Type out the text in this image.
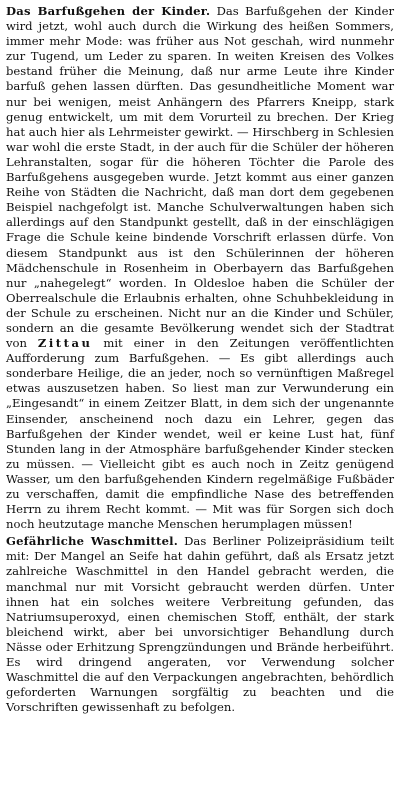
Das Barfußgehen der Kinder. Das Barfußgehen der Kinder wird jetzt, wohl auch durch die Wirkung des heißen Sommers, immer mehr Mode: was früher aus Not geschah, wird nunmehr zur Tugend, um Leder zu sparen. In weiten Kreisen des Volkes bestand früher die Meinung, daß nur arme Leute ihre Kinder barfuß gehen lassen dürften. Das gesundheitliche Moment war nur bei wenigen, meist Anhängern des Pfarrers Kneipp, stark genug entwickelt, um mit dem Vorurteil zu brechen. Der Krieg hat auch hier als Lehrmeister gewirkt. — Hirschberg in Schlesien war wohl die erste Stadt, in der auch für die Schüler der höheren Lehranstalten, sogar für die höheren Töchter die Parole des Barfußgehens ausgegeben wurde. Jetzt kommt aus einer ganzen Reihe von Städten die Nachricht, daß man dort dem gegebenen Beispiel nachgefolgt ist. Manche Schulverwaltungen haben sich allerdings auf den Standpunkt gestellt, daß in der einschlägigen Frage die Schule keine bindende Vorschrift erlassen dürfe. Von diesem Standpunkt aus ist den Schülerinnen der höheren Mädchenschule in Rosenheim in Oberbayern das Barfußgehen nur „nahegelegt“ worden. In Oldesloe haben die Schüler der Oberrealschule die Erlaubnis erhalten, ohne Schuhbekleidung in der Schule zu erscheinen. Nicht nur an die Kinder und Schüler, sondern an die gesamte Bevölkerung wendet sich der Stadtrat von Zittau mit einer in den Zeitungen veröffentlichten Aufforderung zum Barfußgehen. — Es gibt allerdings auch sonderbare Heilige, die an jeder, noch so vernünftigen Maßregel etwas auszusetzen haben. So liest man zur Verwunderung ein „Eingesandt“ in einem Zeitzer Blatt, in dem sich der ungenannte Einsender, anscheinend noch dazu ein Lehrer, gegen das Barfußgehen der Kinder wendet, weil er keine Lust hat, fünf Stunden lang in der Atmosphäre barfußgehender Kinder stecken zu müssen. — Vielleicht gibt es auch noch in Zeitz genügend Wasser, um den barfußgehenden Kindern regelmäßige Fußbäder zu verschaffen, damit die empfindliche Nase des betreffenden Herrn zu ihrem Recht kommt. — Mit was für Sorgen sich doch noch heutzutage manche Menschen herumplagen müssen!

Gefährliche Waschmittel. Das Berliner Polizeipräsidium teilt mit: Der Mangel an Seife hat dahin geführt, daß als Ersatz jetzt zahlreiche Waschmittel in den Handel gebracht werden, die manchmal nur mit Vorsicht gebraucht werden dürfen. Unter ihnen hat ein solches weitere Verbreitung gefunden, das Natriumsuperoxyd, einen chemischen Stoff, enthält, der stark bleichend wirkt, aber bei unvorsichtiger Behandlung durch Nässe oder Erhitzung Sprengzündungen und Brände herbeiführt. Es wird dringend angeraten, vor Verwendung solcher Waschmittel die auf den Verpackungen angebrachten, behördlich geforderten Warnungen sorgfältig zu beachten und die Vorschriften gewissenhaft zu befolgen.
